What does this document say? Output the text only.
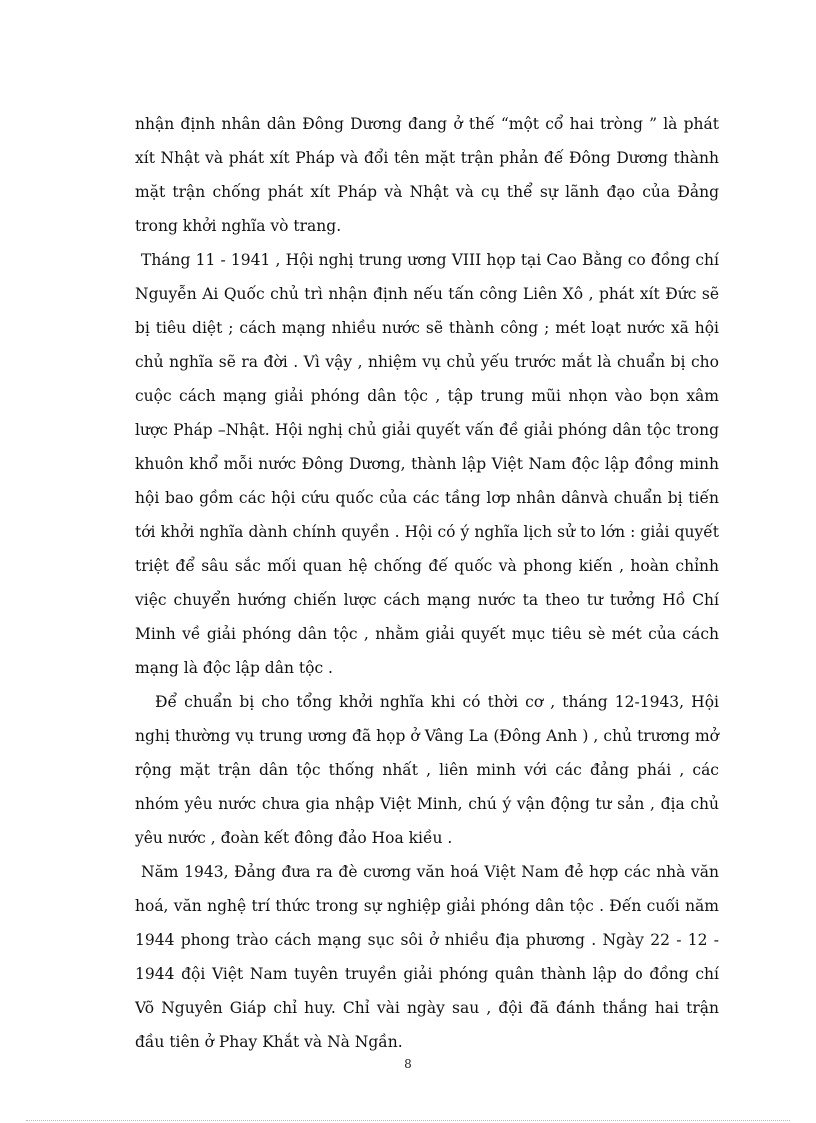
nhận định nhân dân Đông Dương đang ở thế “một cổ hai tròng ” là phát xít Nhật và phát xít Pháp và đổi tên mặt trận phản đế Đông Dương thành mặt trận chống phát xít Pháp và Nhật và cụ thể sự lãnh đạo của Đảng trong khởi nghĩa vò trang.

Tháng 11 - 1941 , Hội nghị trung ương VIII họp tại Cao Bằng co đồng chí Nguyễn Ai Quốc chủ trì nhận định nếu tấn công Liên Xô , phát xít Đức sẽ bị tiêu diệt ; cách mạng nhiều nước sẽ thành công ; mét loạt nước xã hội chủ nghĩa sẽ ra đời . Vì vậy , nhiệm vụ chủ yếu trước mắt là chuẩn bị cho cuộc cách mạng giải phóng dân tộc , tập trung mũi nhọn vào bọn xâm lược Pháp –Nhật. Hội nghị chủ giải quyết vấn đề giải phóng dân tộc trong khuôn khổ mỗi nước Đông Dương, thành lập Việt Nam độc lập đồng minh hội bao gồm các hội cứu quốc của các tầng lơp nhân dânvà chuẩn bị tiến tới khởi nghĩa dành chính quyền . Hội có ý nghĩa lịch sử to lớn : giải quyết triệt để sâu sắc mối quan hệ chống đế quốc và phong kiến , hoàn chỉnh việc chuyển hướng chiến lược cách mạng nước ta theo tư tưởng Hồ Chí Minh về giải phóng dân tộc , nhằm giải quyết mục tiêu sè mét của cách mạng là độc lập dân tộc .

Để chuẩn bị cho tổng khởi nghĩa khi có thời cơ , tháng 12-1943, Hội nghị thường vụ trung ương đã họp ở Vâng La (Đông Anh ) , chủ trương mở rộng mặt trận dân tộc thống nhất , liên minh với các đảng phái , các nhóm yêu nước chưa gia nhập Việt Minh, chú ý vận động tư sản , địa chủ yêu nước , đoàn kết đông đảo Hoa kiều .

Năm 1943, Đảng đưa ra đè cương văn hoá Việt Nam đẻ hợp các nhà văn hoá, văn nghệ trí thức trong sự nghiệp giải phóng dân tộc . Đến cuối năm 1944 phong trào cách mạng sục sôi ở nhiều địa phương . Ngày 22 - 12 - 1944 đội Việt Nam tuyên truyền giải phóng quân thành lập do đồng chí Võ Nguyên Giáp chỉ huy. Chỉ vài ngày sau , đội đã đánh thắng hai trận đầu tiên ở Phay Khắt và Nà Ngần.

8
